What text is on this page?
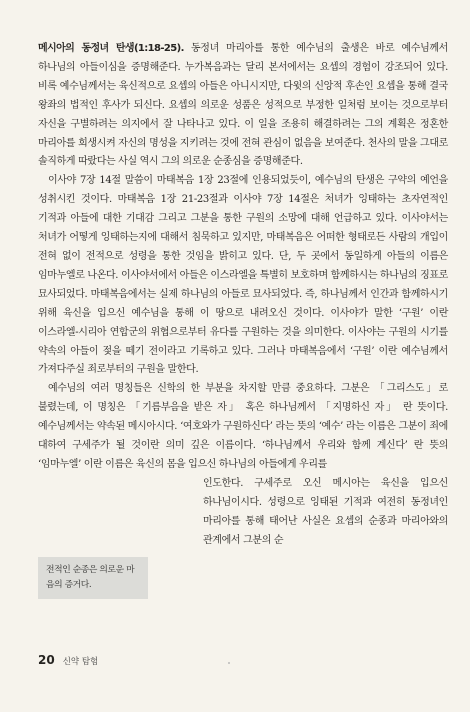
메시아의 동정녀 탄생(1:18-25). 동정녀 마리아를 통한 예수님의 출생은 바로 예수님께서 하나님의 아들이심을 증명해준다. 누가복음과는 달리 본서에서는 요셉의 경험이 강조되어 있다. 비록 예수님께서는 육신적으로 요셉의 아들은 아니시지만, 다윗의 신앙적 후손인 요셉을 통해 결국 왕좌의 법적인 후사가 되신다. 요셉의 의로운 성품은 성적으로 부정한 일처럼 보이는 것으로부터 자신을 구별하려는 의지에서 잘 나타나고 있다. 이 일을 조용히 해결하려는 그의 계획은 정혼한 마리아를 희생시켜 자신의 명성을 지키려는 것에 전혀 관심이 없음을 보여준다. 천사의 말을 그대로 솔직하게 따랐다는 사실 역시 그의 의로운 순종심을 증명해준다.

이사야 7장 14절 말씀이 마태복음 1장 23절에 인용되었듯이, 예수님의 탄생은 구약의 예언을 성취시킨 것이다. 마태복음 1장 21-23절과 이사야 7장 14절은 처녀가 잉태하는 초자연적인 기적과 아들에 대한 기대감 그리고 그분을 통한 구원의 소망에 대해 언급하고 있다. 이사야서는 처녀가 어떻게 잉태하는지에 대해서 침묵하고 있지만, 마태복음은 어떠한 형태로든 사람의 개입이 전혀 없이 전적으로 성령을 통한 것임을 밝히고 있다. 단, 두 곳에서 동일하게 아들의 이름은 임마누엘로 나온다. 이사야서에서 아들은 이스라엘을 특별히 보호하며 함께하시는 하나님의 징표로 묘사되었다. 마태복음에서는 실제 하나님의 아들로 묘사되었다. 즉, 하나님께서 인간과 함께하시기 위해 육신을 입으신 예수님을 통해 이 땅으로 내려오신 것이다. 이사야가 말한 ‘구원’ 이란 이스라엘-시리아 연합군의 위협으로부터 유다를 구원하는 것을 의미한다. 이사야는 구원의 시기를 약속의 아들이 젖을 떼기 전이라고 기록하고 있다. 그러나 마태복음에서 ‘구원’ 이란 예수님께서 가져다주실 죄로부터의 구원을 말한다.

예수님의 여러 명칭들은 신학의 한 부분을 차지할 만큼 중요하다. 그분은 「그리스도」로 불렸는데, 이 명칭은 「기름부음을 받은 자」 혹은 하나님께서 「지명하신 자」 란 뜻이다. 예수님께서는 약속된 메시아시다. ‘여호와가 구원하신다’ 라는 뜻의 ‘예수’ 라는 이름은 그분이 죄에 대하여 구세주가 될 것이란 의미 깊은 이름이다. ‘하나님께서 우리와 함께 계신다’ 란 뜻의 ‘임마누엘’ 이란 이름은 육신의 몸을 입으신 하나님의 아들에게 우리를

인도한다. 구세주로 오신 메시아는 육신을 입으신 하나님이시다. 성령으로 잉태된 기적과 여전히 동정녀인 마리아를 통해 태어난 사실은 요셉의 순종과 마리아와의 관계에서 그분의 순

전적인 순종은 의로운 마음의 증거다.
20 신약 탐험
